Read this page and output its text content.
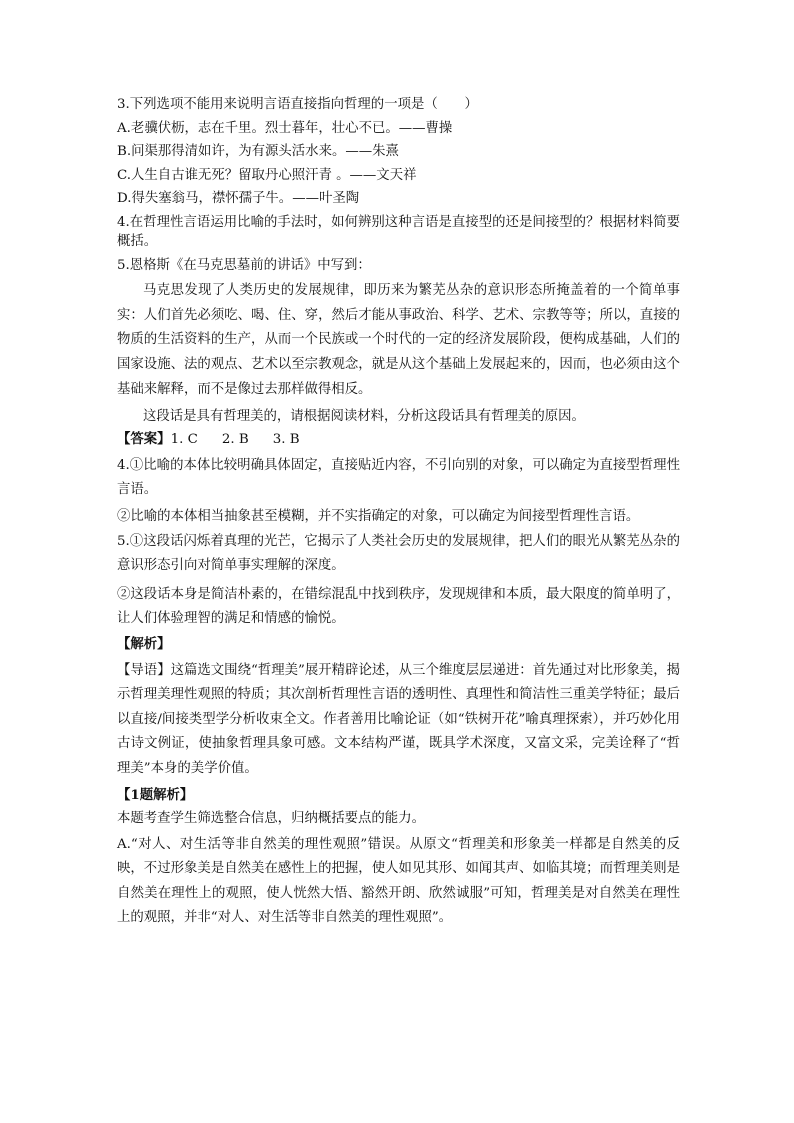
3.下列选项不能用来说明言语直接指向哲理的一项是（　　）

A.老骥伏枥，志在千里。烈士暮年，壮心不已。——曹操

B.问渠那得清如许，为有源头活水来。——朱熹

C.人生自古谁无死？留取丹心照汗青 。——文天祥

D.得失塞翁马，襟怀孺子牛。——叶圣陶

4.在哲理性言语运用比喻的手法时，如何辨别这种言语是直接型的还是间接型的？根据材料简要概括。

5.恩格斯《在马克思墓前的讲话》中写到：

马克思发现了人类历史的发展规律，即历来为繁芜丛杂的意识形态所掩盖着的一个简单事实：人们首先必须吃、喝、住、穿，然后才能从事政治、科学、艺术、宗教等等；所以，直接的物质的生活资料的生产，从而一个民族或一个时代的一定的经济发展阶段，便构成基础，人们的国家设施、法的观点、艺术以至宗教观念，就是从这个基础上发展起来的，因而，也必须由这个基础来解释，而不是像过去那样做得相反。

这段话是具有哲理美的，请根据阅读材料，分析这段话具有哲理美的原因。

【答案】1. C 2. B 3. B

4.①比喻的本体比较明确具体固定，直接贴近内容，不引向别的对象，可以确定为直接型哲理性言语。

②比喻的本体相当抽象甚至模糊，并不实指确定的对象，可以确定为间接型哲理性言语。

5.①这段话闪烁着真理的光芒，它揭示了人类社会历史的发展规律，把人们的眼光从繁芜丛杂的意识形态引向对简单事实理解的深度。

②这段话本身是简洁朴素的，在错综混乱中找到秩序，发现规律和本质，最大限度的简单明了，让人们体验理智的满足和情感的愉悦。

【解析】

【导语】这篇选文围绕“哲理美”展开精辟论述，从三个维度层层递进：首先通过对比形象美，揭示哲理美理性观照的特质；其次剖析哲理性言语的透明性、真理性和简洁性三重美学特征；最后以直接/间接类型学分析收束全文。作者善用比喻论证（如“铁树开花”喻真理探索），并巧妙化用古诗文例证，使抽象哲理具象可感。文本结构严谨，既具学术深度，又富文采，完美诠释了“哲理美”本身的美学价值。

【1题解析】

本题考查学生筛选整合信息，归纳概括要点的能力。

A.“对人、对生活等非自然美的理性观照”错误。从原文“哲理美和形象美一样都是自然美的反映，不过形象美是自然美在感性上的把握，使人如见其形、如闻其声、如临其境；而哲理美则是自然美在理性上的观照，使人恍然大悟、豁然开朗、欣然诚服”可知，哲理美是对自然美在理性上的观照，并非“对人、对生活等非自然美的理性观照”。
